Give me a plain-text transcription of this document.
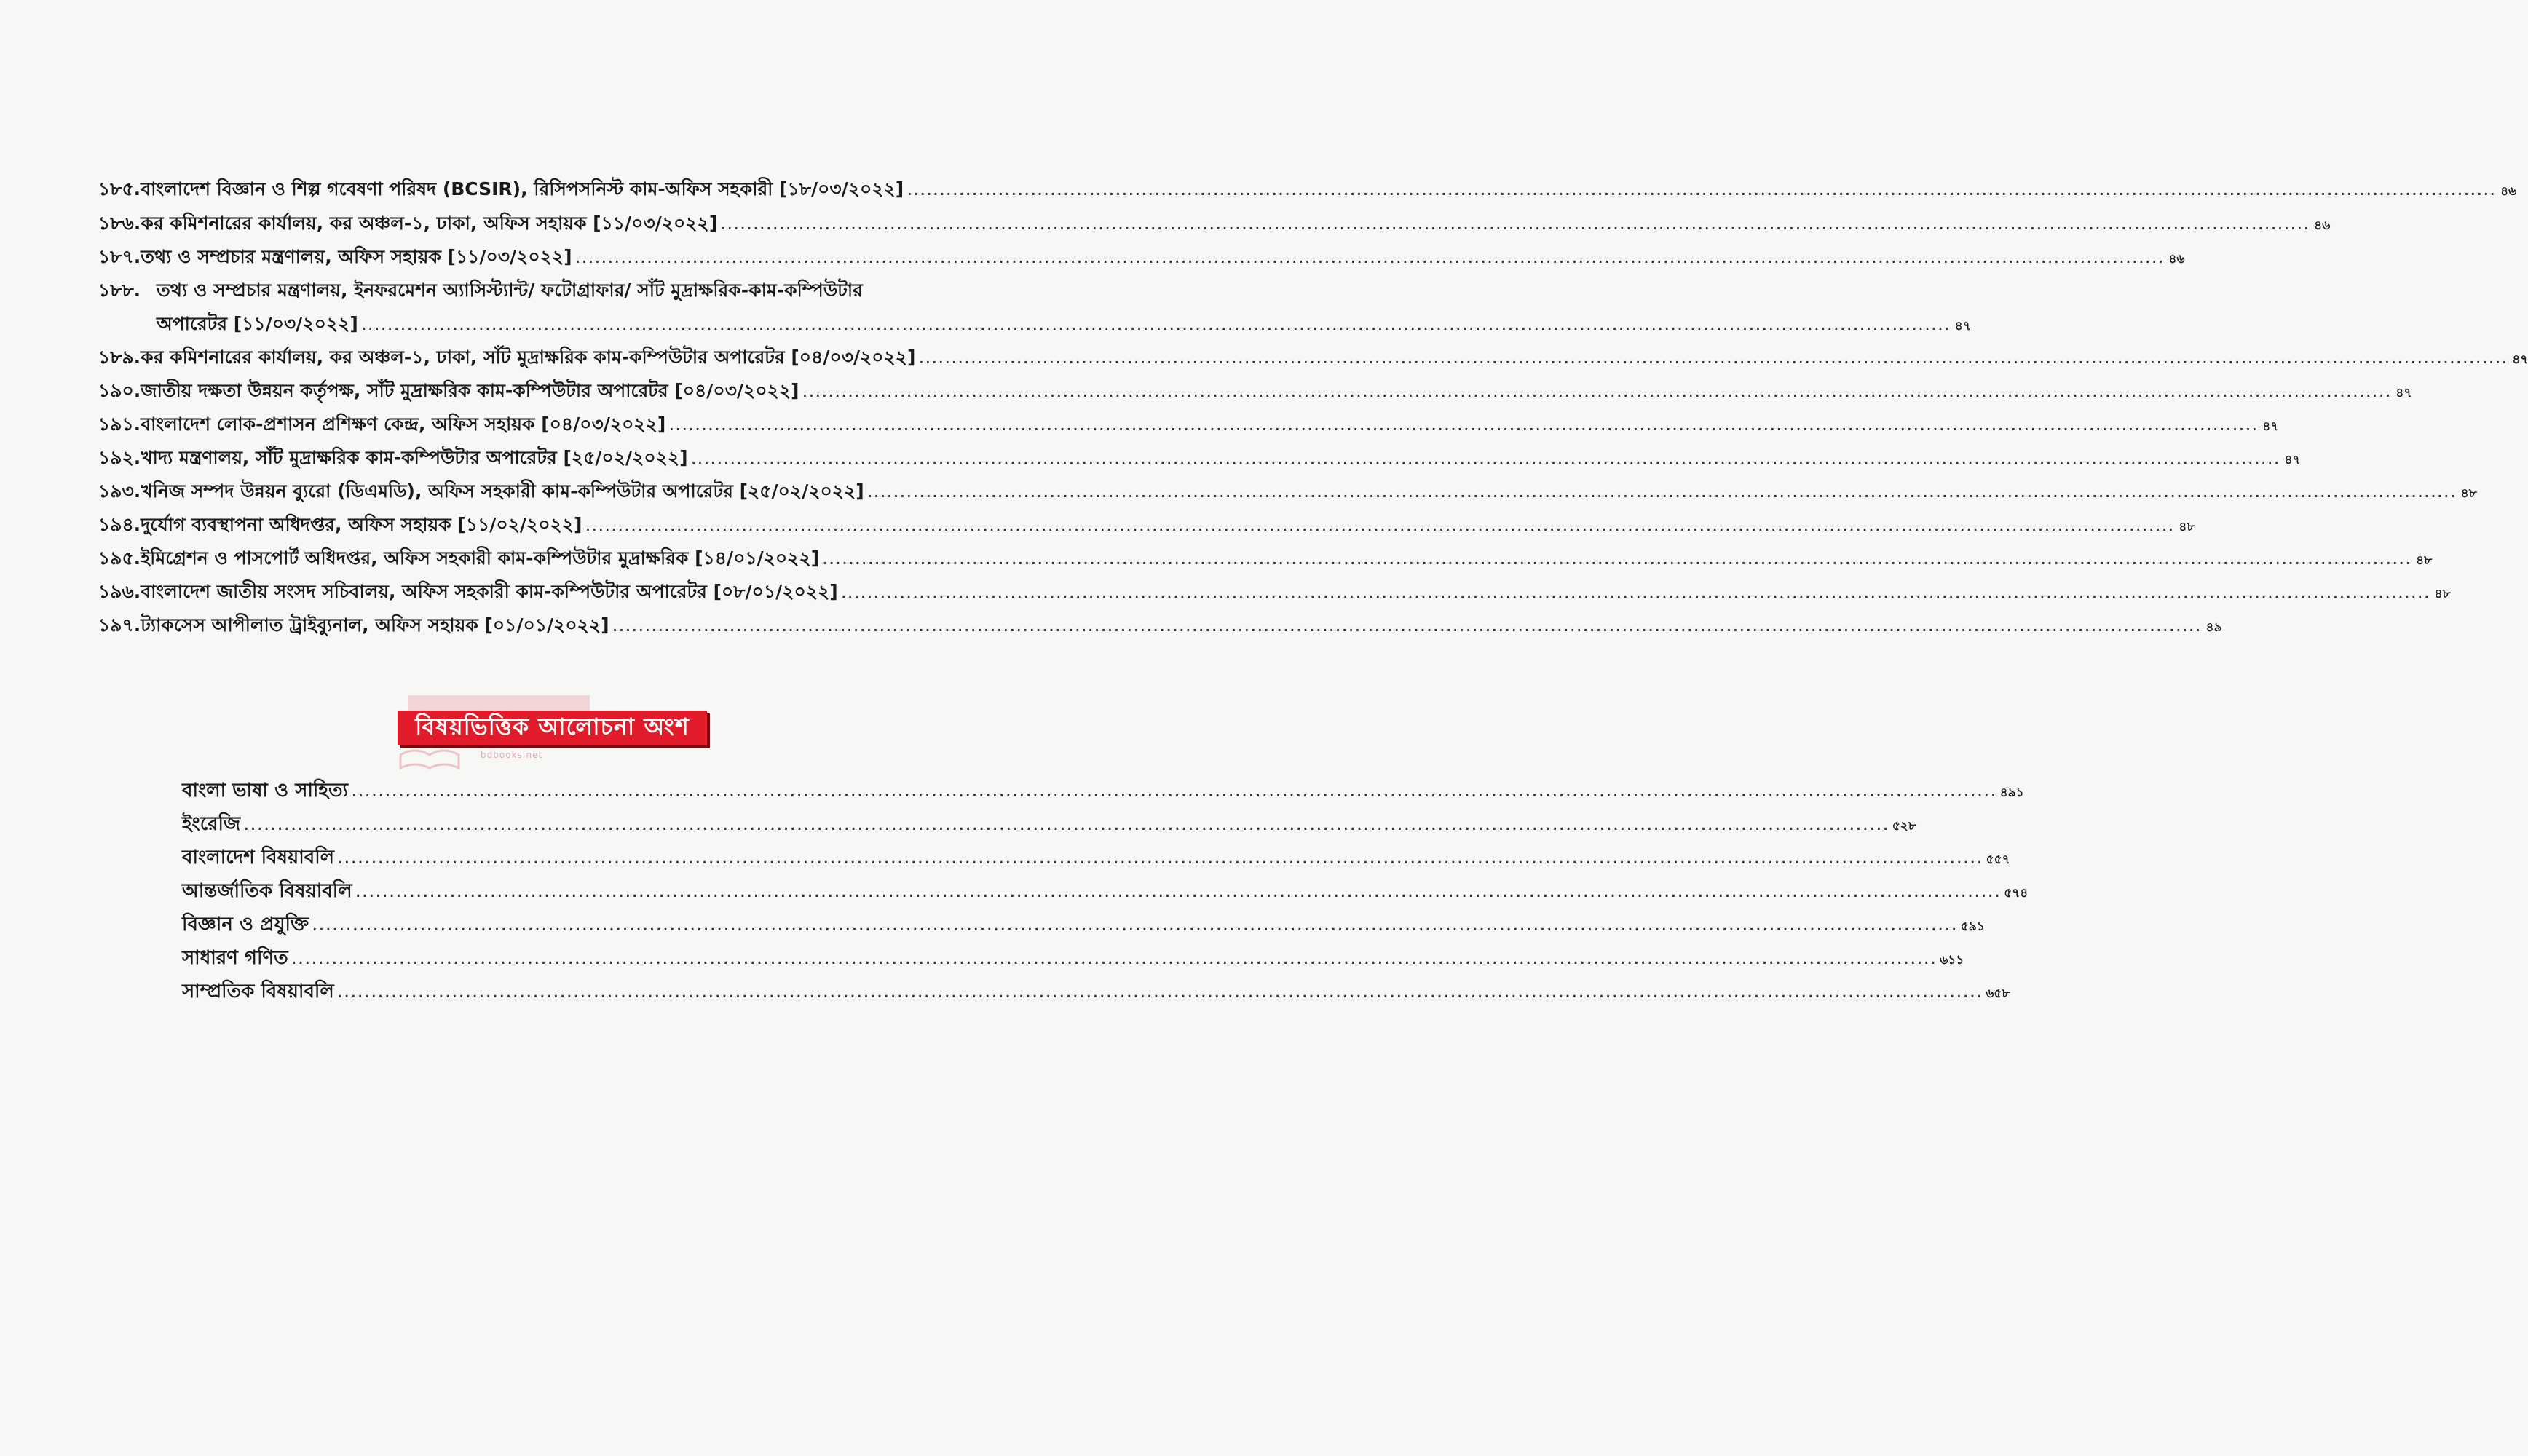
১৮৫. বাংলাদেশ বিজ্ঞান ও শিল্প গবেষণা পরিষদ (BCSIR), রিসিপসনিস্ট কাম-অফিস সহকারী [১৮/০৩/২০২২] .....	৪৬
১৮৬. কর কমিশনারের কার্যালয়, কর অঞ্চল-১, ঢাকা, অফিস সহায়ক [১১/০৩/২০২২] .....	৪৬
১৮৭. তথ্য ও সম্প্রচার মন্ত্রণালয়, অফিস সহায়ক [১১/০৩/২০২২] .....	৪৬
১৮৮. তথ্য ও সম্প্রচার মন্ত্রণালয়, ইনফরমেশন অ্যাসিস্ট্যান্ট/ ফটোগ্রাফার/ সাঁট মুদ্রাক্ষরিক-কাম-কম্পিউটার
অপারেটর [১১/০৩/২০২২] .....	৪৭
১৮৯. কর কমিশনারের কার্যালয়, কর অঞ্চল-১, ঢাকা, সাঁট মুদ্রাক্ষরিক কাম-কম্পিউটার অপারেটর [০৪/০৩/২০২২] .....	৪৭
১৯০. জাতীয় দক্ষতা উন্নয়ন কর্তৃপক্ষ, সাঁট মুদ্রাক্ষরিক কাম-কম্পিউটার অপারেটর [০৪/০৩/২০২২] .....	৪৭
১৯১. বাংলাদেশ লোক-প্রশাসন প্রশিক্ষণ কেন্দ্র, অফিস সহায়ক [০৪/০৩/২০২২] .....	৪৭
১৯২. খাদ্য মন্ত্রণালয়, সাঁট মুদ্রাক্ষরিক কাম-কম্পিউটার অপারেটর [২৫/০২/২০২২] .....	৪৭
১৯৩. খনিজ সম্পদ উন্নয়ন ব্যুরো (ডিএমডি), অফিস সহকারী কাম-কম্পিউটার অপারেটর [২৫/০২/২০২২] .....	৪৮
১৯৪. দুর্যোগ ব্যবস্থাপনা অধিদপ্তর, অফিস সহায়ক [১১/০২/২০২২] .....	৪৮
১৯৫. ইমিগ্রেশন ও পাসপোর্ট অধিদপ্তর, অফিস সহকারী কাম-কম্পিউটার মুদ্রাক্ষরিক [১৪/০১/২০২২] .....	৪৮
১৯৬. বাংলাদেশ জাতীয় সংসদ সচিবালয়, অফিস সহকারী কাম-কম্পিউটার অপারেটর [০৮/০১/২০২২] .....	৪৮
১৯৭. ট্যাকসেস আপীলাত ট্রাইব্যুনাল, অফিস সহায়ক [০১/০১/২০২২] .....	৪৯
বিষয়ভিত্তিক আলোচনা অংশ
bdbooks.net
বাংলা ভাষা ও সাহিত্য .....	৪৯১
ইংরেজি .....	৫২৮
বাংলাদেশ বিষয়াবলি .....	৫৫৭
আন্তর্জাতিক বিষয়াবলি .....	৫৭৪
বিজ্ঞান ও প্রযুক্তি .....	৫৯১
সাধারণ গণিত .....	৬১১
সাম্প্রতিক বিষয়াবলি .....	৬৫৮
